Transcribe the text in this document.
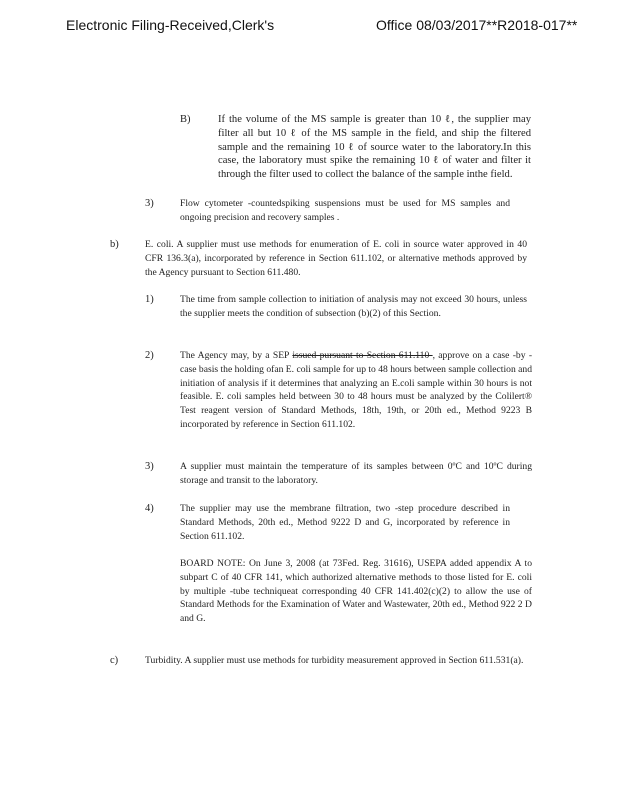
Electronic Filing-Received,Clerk's	Office 08/03/2017**R2018-017**
B)	If the volume of the MS sample is greater than 10 ℓ, the supplier may filter all but 10 ℓ of the MS sample in the field, and ship the filtered sample and the remaining 10 ℓ of source water to the laboratory.In this case, the laboratory must spike the remaining 10 ℓ of water and filter it through the filter used to collect the balance of the sample inthe field.
3)	Flow cytometer -countedspiking suspensions must be used for MS samples and ongoing precision and recovery samples .
b)	E. coli. A supplier must use methods for enumeration of E. coli in source water approved in 40 CFR 136.3(a), incorporated by reference in Section 611.102, or alternative methods approved by the Agency pursuant to Section 611.480.
1)	The time from sample collection to initiation of analysis may not exceed 30 hours, unless the supplier meets the condition of subsection (b)(2) of this Section.
2)	The Agency may, by a SEP issued pursuant to Section 611.110 , approve on a case -by -case basis the holding ofan E. coli sample for up to 48 hours between sample collection and initiation of analysis if it determines that analyzing an E.coli sample within 30 hours is not feasible. E. coli samples held between 30 to 48 hours must be analyzed by the Colilert® Test reagent version of Standard Methods, 18th, 19th, or 20th ed., Method 9223 B incorporated by reference in Section 611.102.
3)	A supplier must maintain the temperature of its samples between 0ºC and 10ºC during storage and transit to the laboratory.
4)	The supplier may use the membrane filtration, two -step procedure described in Standard Methods, 20th ed., Method 9222 D and G, incorporated by reference in Section 611.102.
BOARD NOTE: On June 3, 2008 (at 73Fed. Reg. 31616), USEPA added appendix A to subpart C of 40 CFR 141, which authorized alternative methods to those listed for E. coli by multiple -tube techniqueat corresponding 40 CFR 141.402(c)(2) to allow the use of Standard Methods for the Examination of Water and Wastewater, 20th ed., Method 922 2 D and G.
c)	Turbidity. A supplier must use methods for turbidity measurement approved in Section 611.531(a).
